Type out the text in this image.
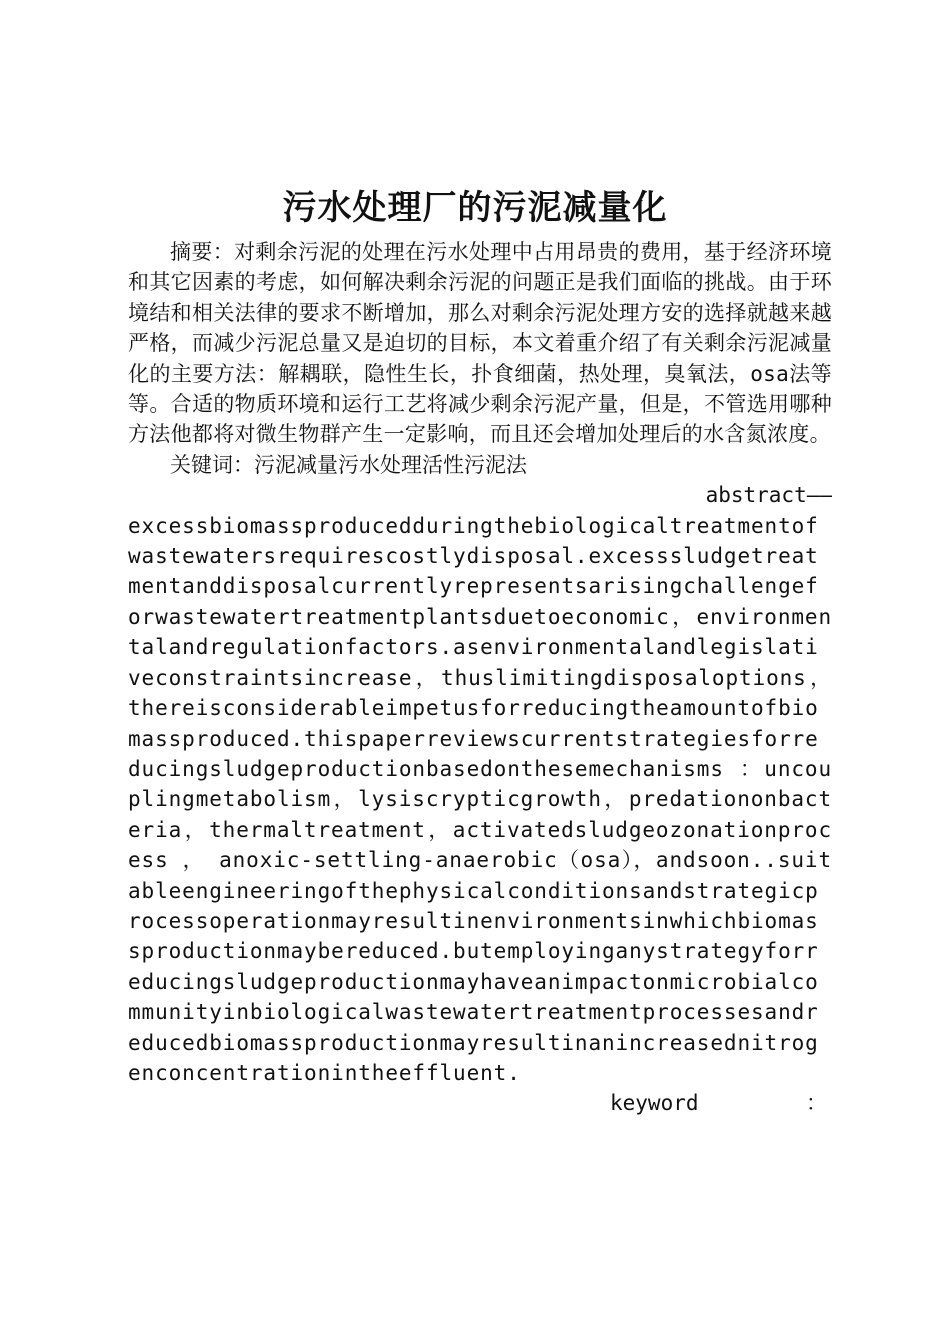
污水处理厂的污泥减量化

摘要：对剩余污泥的处理在污水处理中占用昂贵的费用，基于经济环境和其它因素的考虑，如何解决剩余污泥的问题正是我们面临的挑战。由于环境结和相关法律的要求不断增加，那么对剩余污泥处理方安的选择就越来越严格，而减少污泥总量又是迫切的目标，本文着重介绍了有关剩余污泥减量化的主要方法：解耦联，隐性生长，扑食细菌，热处理，臭氧法，osa法等等。合适的物质环境和运行工艺将减少剩余污泥产量，但是，不管选用哪种方法他都将对微生物群产生一定影响，而且还会增加处理后的水含氮浓度。

关键词：污泥减量污水处理活性污泥法

abstract——

excessbiomassproducedduringthebiologicaltreatmentofwastewatersrequirescostlydisposal.excesssludgetreatmentanddisposalcurrentlyrepresentsarisingchallengeforwastewatertreatmentplantsduetoeconomic，environmentalandregulationfactors.asenvironmentalandlegislativeconstraintsincrease，thuslimitingdisposaloptions，thereisconsiderableimpetusforreducingtheamountofbiomassproduced.thispaperreviewscurrentstrategiesforreducingsludgeproductionbasedonthesemechanisms ：uncouplingmetabolism，lysiscrypticgrowth，predationonbacteria，thermaltreatment，activatedsludgeozonationprocess ， anoxic-settling-anaerobic（osa），andsoon..suitableengineeringofthephysicalconditionsandstrategicprocessoperationmayresultinenvironmentsinwhichbiomassproductionmaybereduced.butemployinganystrategyforreducingsludgeproductionmayhaveanimpactonmicrobialcommunityinbiologicalwastewatertreatmentprocessesandreducedbiomassproductionmayresultinanincreasednitrogenconcentrationintheeffluent.

keyword	：
